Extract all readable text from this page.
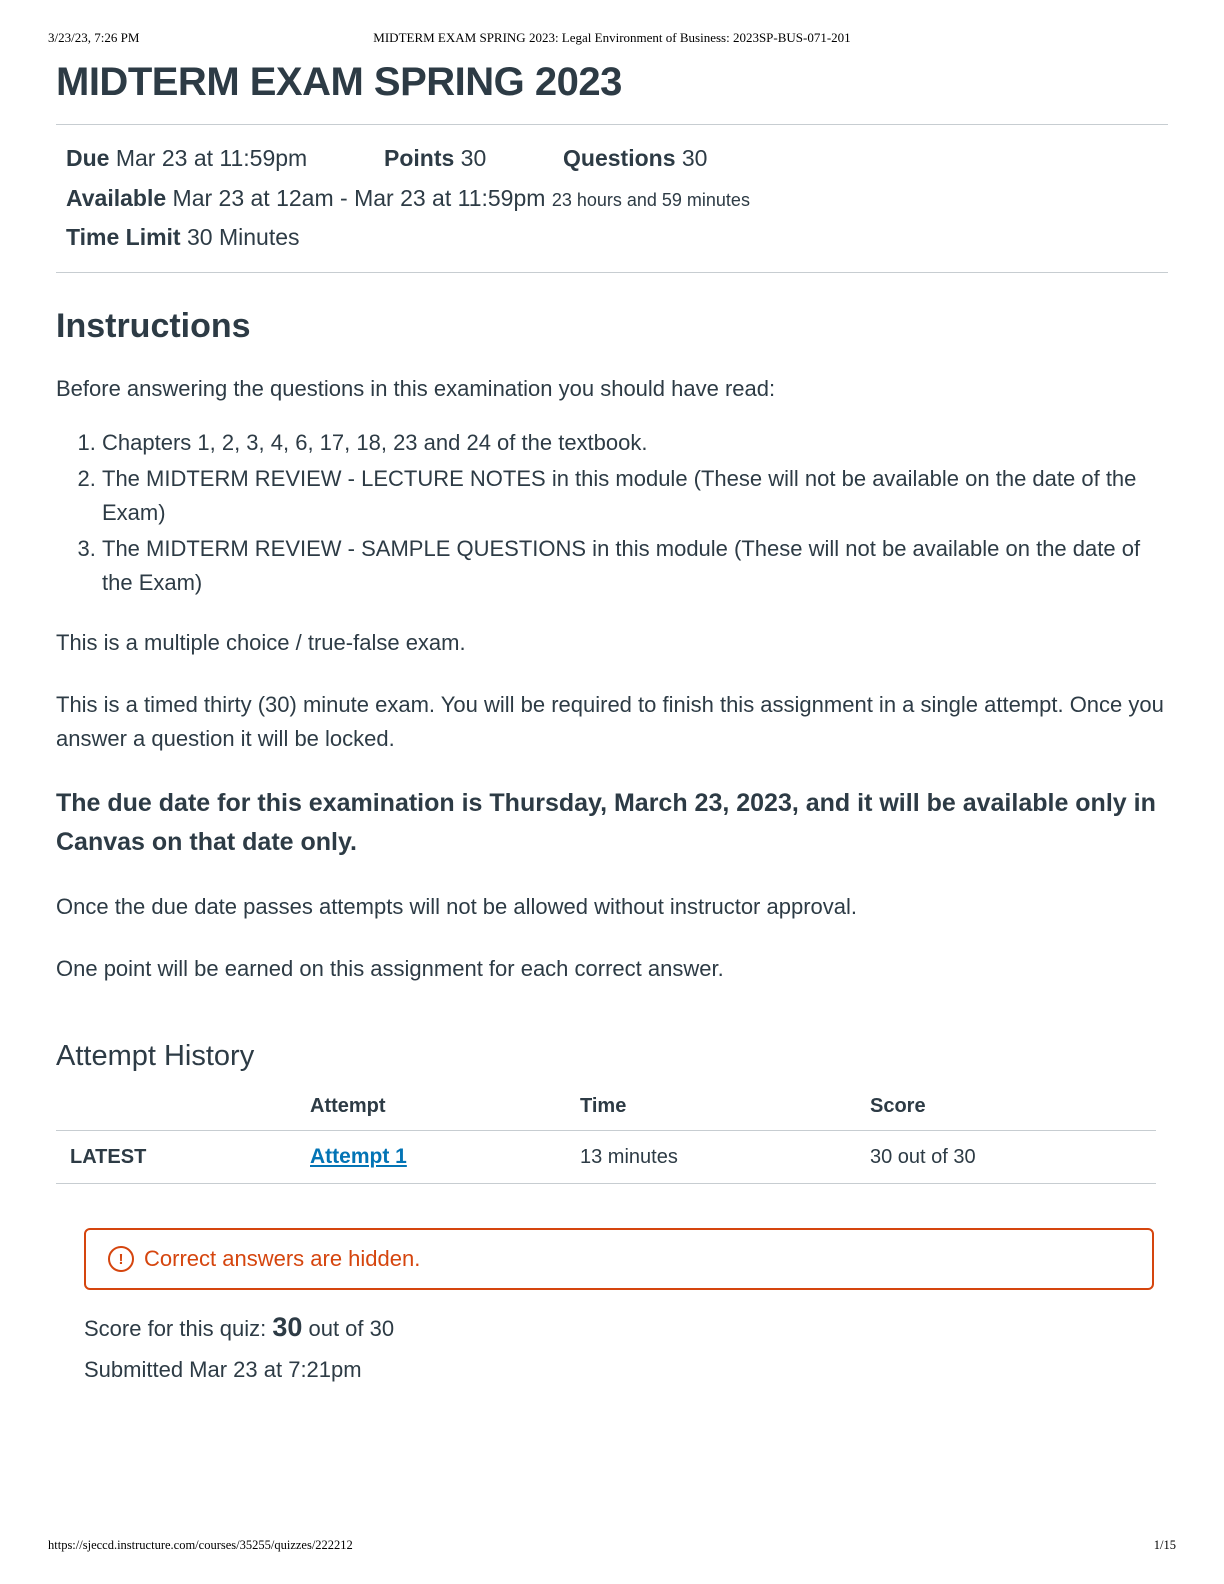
3/23/23, 7:26 PM	MIDTERM EXAM SPRING 2023: Legal Environment of Business: 2023SP-BUS-071-201
MIDTERM EXAM SPRING 2023
Due Mar 23 at 11:59pm	Points 30	Questions 30
Available Mar 23 at 12am - Mar 23 at 11:59pm 23 hours and 59 minutes
Time Limit 30 Minutes
Instructions

Before answering the questions in this examination you should have read:

1. Chapters 1, 2, 3, 4, 6, 17, 18, 23 and 24 of the textbook.
2. The MIDTERM REVIEW - LECTURE NOTES in this module (These will not be available on the date of the Exam)
3. The MIDTERM REVIEW - SAMPLE QUESTIONS in this module (These will not be available on the date of the Exam)

This is a multiple choice / true-false exam.

This is a timed thirty (30) minute exam. You will be required to finish this assignment in a single attempt. Once you answer a question it will be locked.

The due date for this examination is Thursday, March 23, 2023, and it will be available only in Canvas on that date only.

Once the due date passes attempts will not be allowed without instructor approval.

One point will be earned on this assignment for each correct answer.

Attempt History
	Attempt	Time	Score
LATEST	Attempt 1	13 minutes	30 out of 30
! Correct answers are hidden.
Score for this quiz: 30 out of 30
Submitted Mar 23 at 7:21pm
https://sjeccd.instructure.com/courses/35255/quizzes/222212	1/15
